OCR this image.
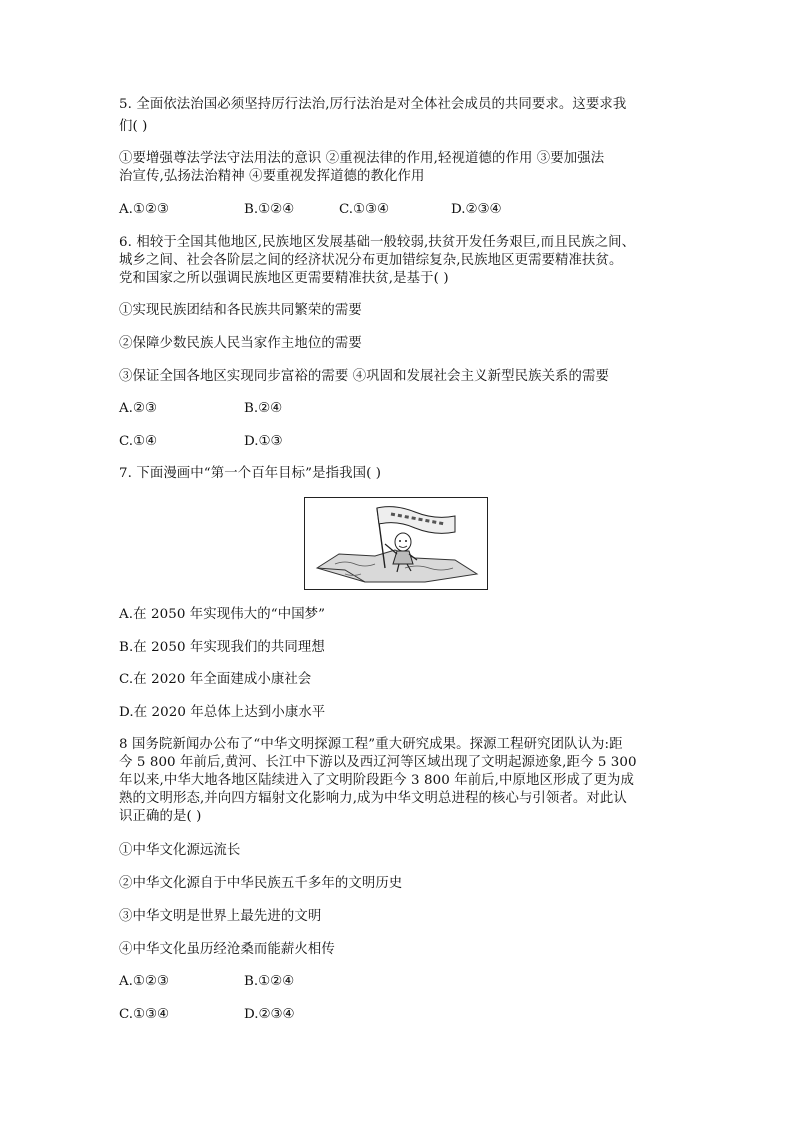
5. 全面依法治国必须坚持厉行法治,厉行法治是对全体社会成员的共同要求。这要求我
们( )
①要增强尊法学法守法用法的意识 ②重视法律的作用,轻视道德的作用 ③要加强法
治宣传,弘扬法治精神 ④要重视发挥道德的教化作用
A.①②③	B.①②④	C.①③④	D.②③④
6. 相较于全国其他地区,民族地区发展基础一般较弱,扶贫开发任务艰巨,而且民族之间、
城乡之间、社会各阶层之间的经济状况分布更加错综复杂,民族地区更需要精准扶贫。
党和国家之所以强调民族地区更需要精准扶贫,是基于( )
①实现民族团结和各民族共同繁荣的需要
②保障少数民族人民当家作主地位的需要
③保证全国各地区实现同步富裕的需要 ④巩固和发展社会主义新型民族关系的需要
A.②③	B.②④
C.①④	D.①③
7. 下面漫画中“第一个百年目标”是指我国( )
A.在 2050 年实现伟大的“中国梦”
B.在 2050 年实现我们的共同理想
C.在 2020 年全面建成小康社会
D.在 2020 年总体上达到小康水平
8 国务院新闻办公布了“中华文明探源工程”重大研究成果。探源工程研究团队认为:距
今 5 800 年前后,黄河、长江中下游以及西辽河等区域出现了文明起源迹象,距今 5 300
年以来,中华大地各地区陆续进入了文明阶段距今 3 800 年前后,中原地区形成了更为成
熟的文明形态,并向四方辐射文化影响力,成为中华文明总进程的核心与引领者。对此认
识正确的是( )
①中华文化源远流长
②中华文化源自于中华民族五千多年的文明历史
③中华文明是世界上最先进的文明
④中华文化虽历经沧桑而能薪火相传
A.①②③	B.①②④
C.①③④	D.②③④
